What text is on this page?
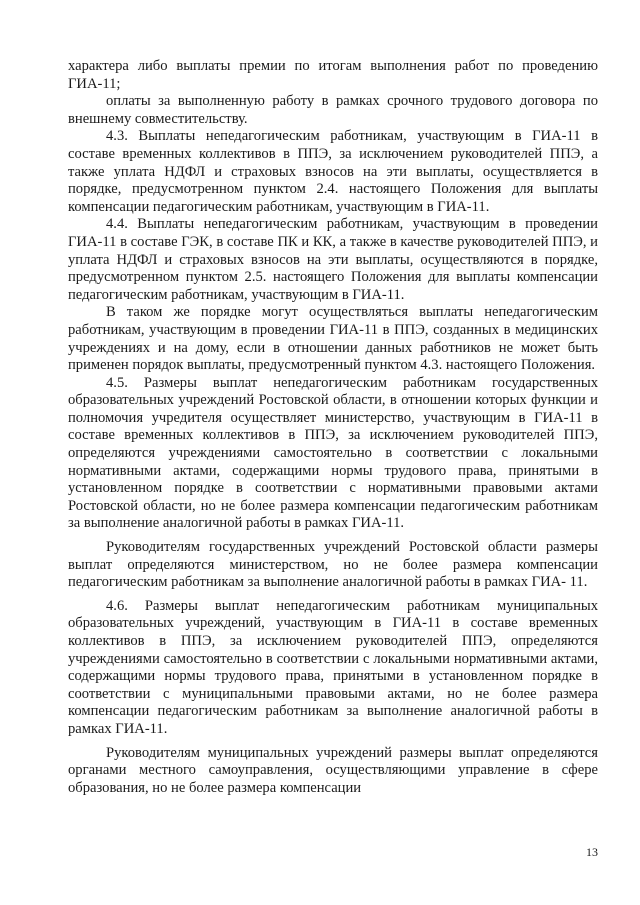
характера либо выплаты премии по итогам выполнения работ по проведению ГИА-11;

оплаты за выполненную работу в рамках срочного трудового договора по внешнему совместительству.

4.3. Выплаты непедагогическим работникам, участвующим в ГИА-11 в составе временных коллективов в ППЭ, за исключением руководителей ППЭ, а также уплата НДФЛ и страховых взносов на эти выплаты, осуществляется в порядке, предусмотренном пунктом 2.4. настоящего Положения для выплаты компенсации педагогическим работникам, участвующим в ГИА-11.

4.4. Выплаты непедагогическим работникам, участвующим в проведении ГИА-11 в составе ГЭК, в составе ПК и КК, а также в качестве руководителей ППЭ, и уплата НДФЛ и страховых взносов на эти выплаты, осуществляются в порядке, предусмотренном пунктом 2.5. настоящего Положения для выплаты компенсации педагогическим работникам, участвующим в ГИА-11.

В таком же порядке могут осуществляться выплаты непедагогическим работникам, участвующим в проведении ГИА-11 в ППЭ, созданных в медицинских учреждениях и на дому, если в отношении данных работников не может быть применен порядок выплаты, предусмотренный пунктом 4.3. настоящего Положения.

4.5. Размеры выплат непедагогическим работникам государственных образовательных учреждений Ростовской области, в отношении которых функции и полномочия учредителя осуществляет министерство, участвующим в ГИА-11 в составе временных коллективов в ППЭ, за исключением руководителей ППЭ, определяются учреждениями самостоятельно в соответствии с локальными нормативными актами, содержащими нормы трудового права, принятыми в установленном порядке в соответствии с нормативными правовыми актами Ростовской области, но не более размера компенсации педагогическим работникам за выполнение аналогичной работы в рамках ГИА-11.

Руководителям государственных учреждений Ростовской области размеры выплат определяются министерством, но не более размера компенсации педагогическим работникам за выполнение аналогичной работы в рамках ГИА- 11.

4.6. Размеры выплат непедагогическим работникам муниципальных образовательных учреждений, участвующим в ГИА-11 в составе временных коллективов в ППЭ, за исключением руководителей ППЭ, определяются учреждениями самостоятельно в соответствии с локальными нормативными актами, содержащими нормы трудового права, принятыми в установленном порядке в соответствии с муниципальными правовыми актами, но не более размера компенсации педагогическим работникам за выполнение аналогичной работы в рамках ГИА-11.

Руководителям муниципальных учреждений размеры выплат определяются органами местного самоуправления, осуществляющими управление в сфере образования, но не более размера компенсации

13
